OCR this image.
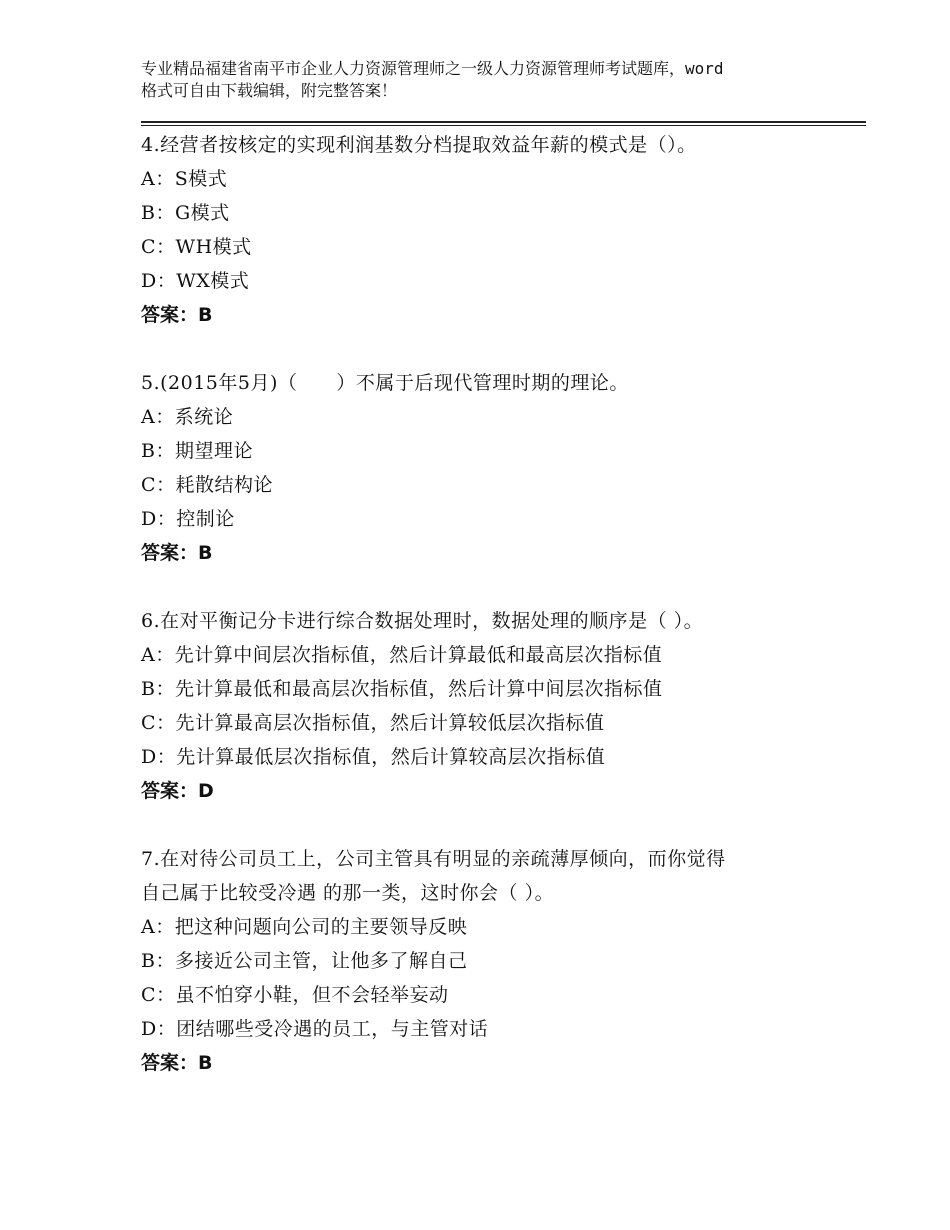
专业精品福建省南平市企业人力资源管理师之一级人力资源管理师考试题库，word
格式可自由下载编辑，附完整答案！
4.经营者按核定的实现利润基数分档提取效益年薪的模式是（）。
A：S模式
B：G模式
C：WH模式
D：WX模式
答案：B
5.(2015年5月)（　　）不属于后现代管理时期的理论。
A：系统论
B：期望理论
C：耗散结构论
D：控制论
答案：B
6.在对平衡记分卡进行综合数据处理时，数据处理的顺序是（ ）。
A：先计算中间层次指标值，然后计算最低和最高层次指标值
B：先计算最低和最高层次指标值，然后计算中间层次指标值
C：先计算最高层次指标值，然后计算较低层次指标值
D：先计算最低层次指标值，然后计算较高层次指标值
答案：D
7.在对待公司员工上，公司主管具有明显的亲疏薄厚倾向，而你觉得
自己属于比较受冷遇 的那一类，这时你会（ ）。
A：把这种问题向公司的主要领导反映
B：多接近公司主管，让他多了解自己
C：虽不怕穿小鞋，但不会轻举妄动
D：团结哪些受冷遇的员工，与主管对话
答案：B
